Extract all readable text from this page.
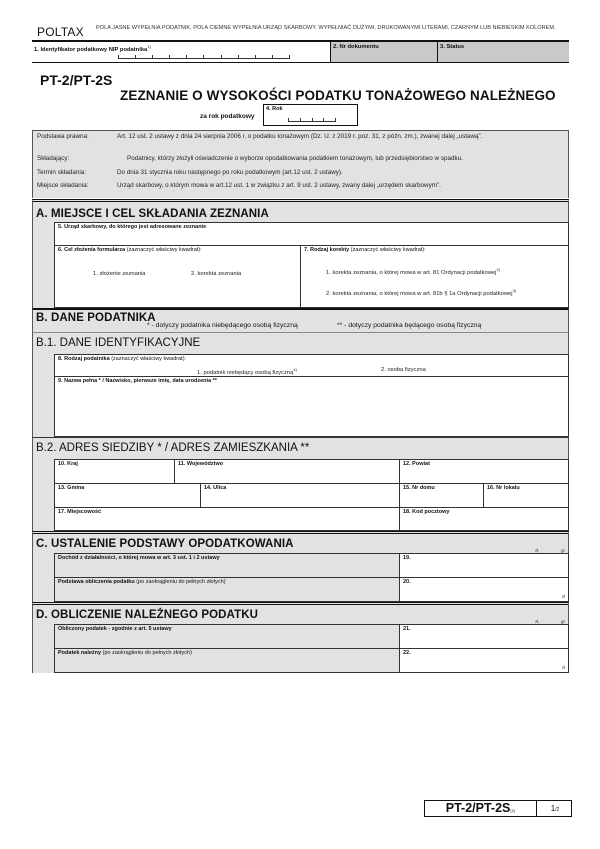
POLTAX POLA JASNE WYPEŁNIA PODATNIK, POLA CIEMNE WYPEŁNIA URZĄD SKARBOWY. WYPEŁNIAĆ DUŻYMI, DRUKOWANYMI LITERAMI, CZARNYM LUB NIEBIESKIM KOLOREM.
1. Identyfikator podatkowy NIP podatnika$^{1)}$	2. Nr dokumentu	3. Status
PT-2/PT-2S
ZEZNANIE O WYSOKOŚCI PODATKU TONAŻOWEGO NALEŻNEGO
za rok podatkowy
4. Rok
Podstawa prawna:	Art. 12 ust. 2 ustawy z dnia 24 sierpnia 2006 r. o podatku tonażowym (Dz. U. z 2019 r. poz. 31, z późn. zm.), zwanej dalej „ustawą”.
Składający:	Podatnicy, którzy złożyli oświadczenie o wyborze opodatkowania podatkiem tonażowym, lub przedsiębiorstwo w spadku.
Termin składania:	Do dnia 31 stycznia roku następnego po roku podatkowym (art.12 ust. 2 ustawy).
Miejsce składania:	Urząd skarbowy, o którym mowa w art.12 ust. 1 w związku z art. 9 ust. 2 ustawy, zwany dalej „urzędem skarbowym”.
A. MIEJSCE I CEL SKŁADANIA ZEZNANIA
5. Urząd skarbowy, do którego jest adresowane zeznanie
6. Cel złożenia formularza (zaznaczyć właściwy kwadrat):
1. złożenie zeznania	2. korekta zeznania
7. Rodzaj korekty (zaznaczyć właściwy kwadrat):
1. korekta zeznania, o której mowa w art. 81 Ordynacji podatkowej$^{2)}$
2. korekta zeznania, o której mowa w art. 81b § 1a Ordynacji podatkowej$^{3)}$
B. DANE PODATNIKA
* - dotyczy podatnika niebędącego osobą fizyczną	** - dotyczy podatnika będącego osobą fizyczną
B.1. DANE IDENTYFIKACYJNE
8. Rodzaj podatnika (zaznaczyć właściwy kwadrat):
1. podatnik niebędący osobą fizyczną$^{4)}$	2. osoba fizyczna
9. Nazwa pełna * / Nazwisko, pierwsze imię, data urodzenia **
B.2. ADRES SIEDZIBY * / ADRES ZAMIESZKANIA **
10. Kraj	11. Województwo	12. Powiat
13. Gmina	14. Ulica	15. Nr domu	16. Nr lokalu
17. Miejscowość	18. Kod pocztowy
C. USTALENIE PODSTAWY OPODATKOWANIA
zł,	gr
Dochód z działalności, o której mowa w art. 3 ust. 1 i 2 ustawy	19.
Podstawa obliczenia podatku (po zaokrągleniu do pełnych złotych)	20.
zł
D. OBLICZENIE NALEŻNEGO PODATKU
zł,	gr
Obliczony podatek - zgodnie z art. 5 ustawy	21.
Podatek należny (po zaokrągleniu do pełnych złotych)	22.
zł
PT-2/PT-2S(2)	1/2
